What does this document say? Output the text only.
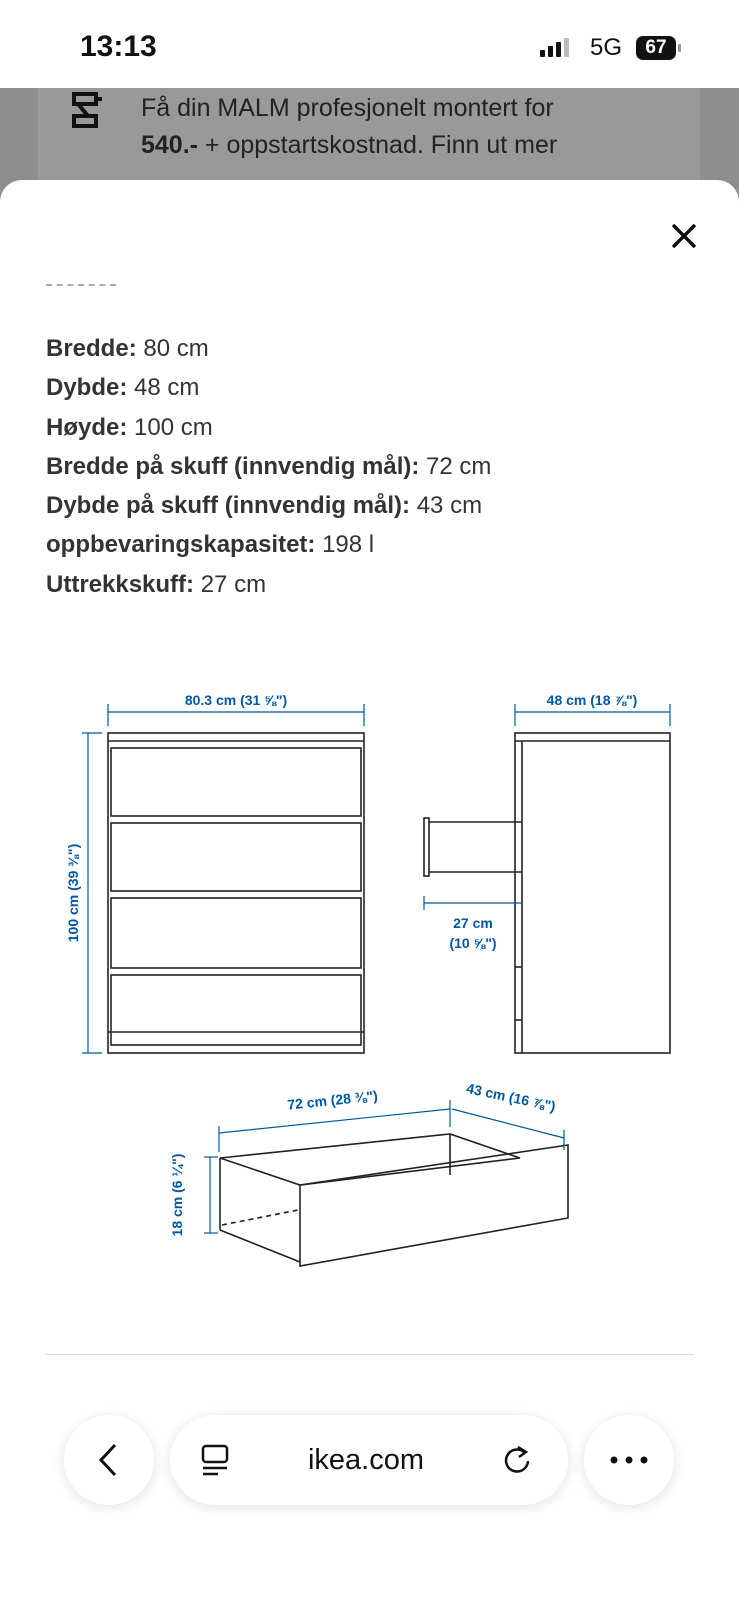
13:13	5G	67
Få din MALM profesjonelt montert for
540.- + oppstartskostnad. Finn ut mer
Bredde: 80 cm
Dybde: 48 cm
Høyde: 100 cm
Bredde på skuff (innvendig mål): 72 cm
Dybde på skuff (innvendig mål): 43 cm
oppbevaringskapasitet: 198 l
Uttrekkskuff: 27 cm
80.3 cm (31 ⅝")	48 cm (18 ⅞")
100 cm (39 ⅜")	27 cm
(10 ⅝")
72 cm (28 ⅜")	43 cm (16 ⅞")
18 cm (6 ¼")
ikea.com
